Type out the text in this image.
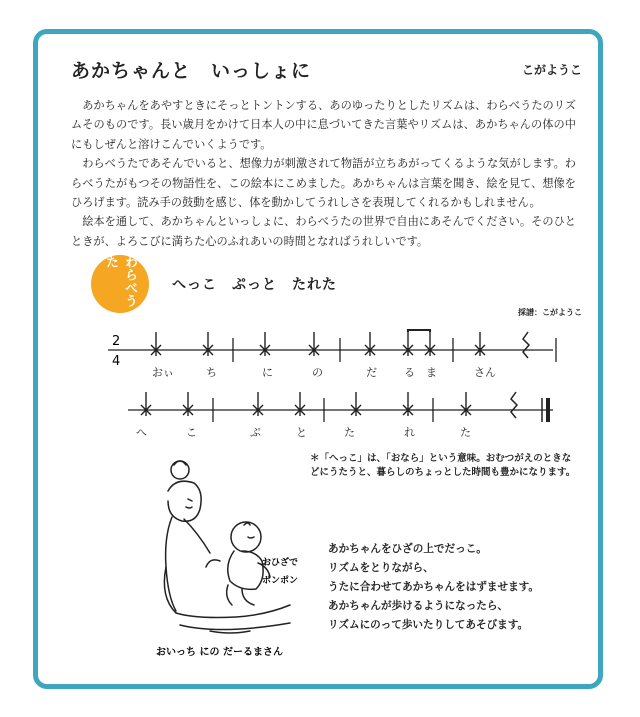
あかちゃんと　いっしょに	こがようこ

あかちゃんをあやすときにそっとトントンする、あのゆったりとしたリズムは、わらべうたのリズムそのものです。長い歳月をかけて日本人の中に息づいてきた言葉やリズムは、あかちゃんの体の中にもしぜんと溶けこんでいくようです。

わらべうたであそんでいると、想像力が刺激されて物語が立ちあがってくるような気がします。わらべうたがもつその物語性を、この絵本にこめました。あかちゃんは言葉を聞き、絵を見て、想像をひろげます。読み手の鼓動を感じ、体を動かしてうれしさを表現してくれるかもしれません。

絵本を通して、あかちゃんといっしょに、わらべうたの世界で自由にあそんでください。そのひとときが、よろこびに満ちた心のふれあいの時間となればうれしいです。

わらべうた
へっこ　ぷっと　たれた
採譜：こがようこ
2
4
おぃ	ち	に	の	だ る ま	さん
へ	こ	ぷ	と	た	れ	た
＊「へっこ」は、「おなら」という意味。おむつがえのときなどにうたうと、暮らしのちょっとした時間も豊かになります。
おひざで
ポンポン
おいっち にの だーるまさん
あかちゃんをひざの上でだっこ。
リズムをとりながら、
うたに合わせてあかちゃんをはずませます。
あかちゃんが歩けるようになったら、
リズムにのって歩いたりしてあそびます。
